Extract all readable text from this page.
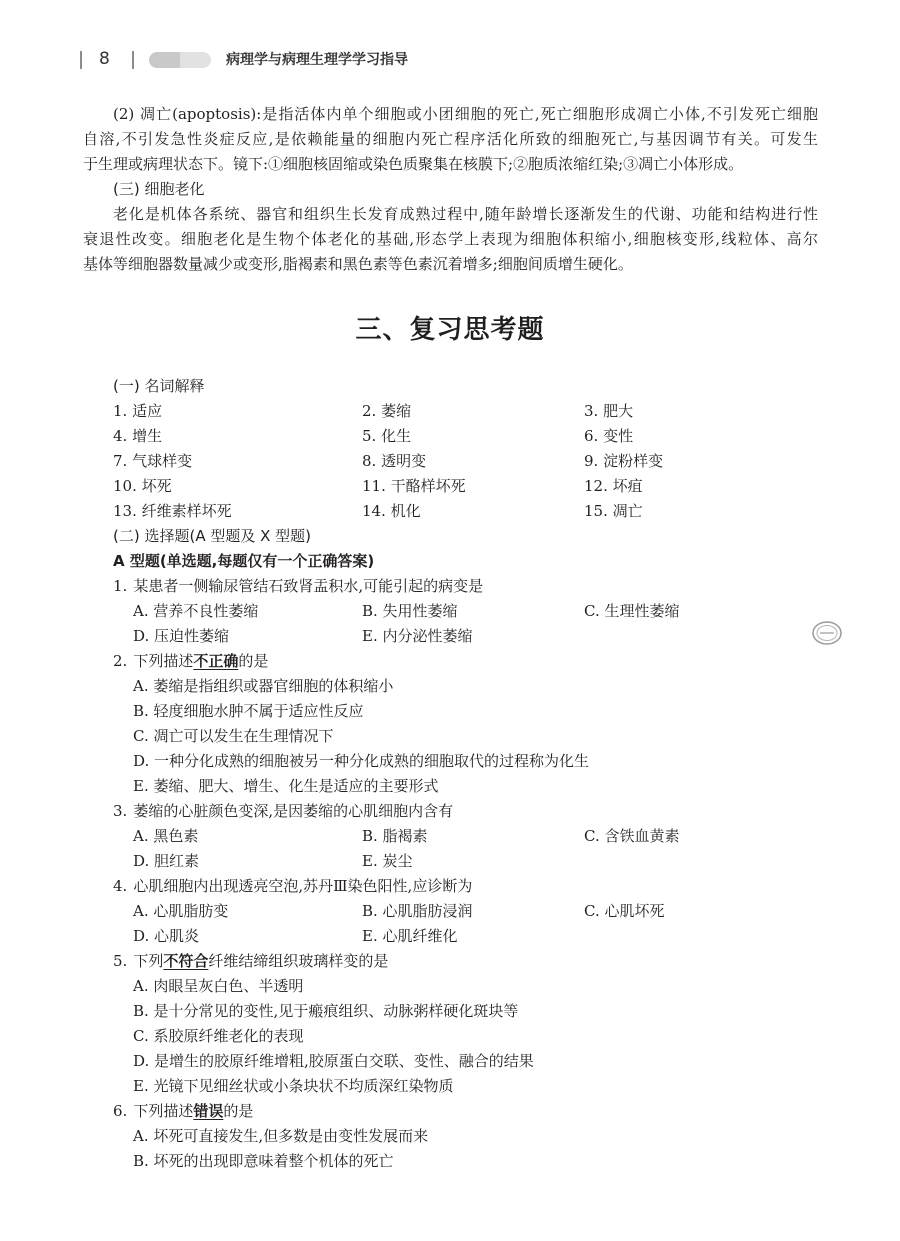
8	病理学与病理生理学学习指导
(2) 凋亡(apoptosis):是指活体内单个细胞或小团细胞的死亡,死亡细胞形成凋亡小体,不引发死亡细胞
自溶,不引发急性炎症反应,是依赖能量的细胞内死亡程序活化所致的细胞死亡,与基因调节有关。可发生
于生理或病理状态下。镜下:①细胞核固缩或染色质聚集在核膜下;②胞质浓缩红染;③凋亡小体形成。
(三) 细胞老化
老化是机体各系统、器官和组织生长发育成熟过程中,随年龄增长逐渐发生的代谢、功能和结构进行性
衰退性改变。细胞老化是生物个体老化的基础,形态学上表现为细胞体积缩小,细胞核变形,线粒体、高尔
基体等细胞器数量减少或变形,脂褐素和黑色素等色素沉着增多;细胞间质增生硬化。
三、复习思考题
(一) 名词解释
1. 适应	2. 萎缩	3. 肥大
4. 增生	5. 化生	6. 变性
7. 气球样变	8. 透明变	9. 淀粉样变
10. 坏死	11. 干酪样坏死	12. 坏疽
13. 纤维素样坏死	14. 机化	15. 凋亡
(二) 选择题(A 型题及 X 型题)
A 型题(单选题,每题仅有一个正确答案)
1. 某患者一侧输尿管结石致肾盂积水,可能引起的病变是
A. 营养不良性萎缩	B. 失用性萎缩	C. 生理性萎缩
D. 压迫性萎缩	E. 内分泌性萎缩
2. 下列描述不正确的是
A. 萎缩是指组织或器官细胞的体积缩小
B. 轻度细胞水肿不属于适应性反应
C. 凋亡可以发生在生理情况下
D. 一种分化成熟的细胞被另一种分化成熟的细胞取代的过程称为化生
E. 萎缩、肥大、增生、化生是适应的主要形式
3. 萎缩的心脏颜色变深,是因萎缩的心肌细胞内含有
A. 黑色素	B. 脂褐素	C. 含铁血黄素
D. 胆红素	E. 炭尘
4. 心肌细胞内出现透亮空泡,苏丹Ⅲ染色阳性,应诊断为
A. 心肌脂肪变	B. 心肌脂肪浸润	C. 心肌坏死
D. 心肌炎	E. 心肌纤维化
5. 下列不符合纤维结缔组织玻璃样变的是
A. 肉眼呈灰白色、半透明
B. 是十分常见的变性,见于瘢痕组织、动脉粥样硬化斑块等
C. 系胶原纤维老化的表现
D. 是增生的胶原纤维增粗,胶原蛋白交联、变性、融合的结果
E. 光镜下见细丝状或小条块状不均质深红染物质
6. 下列描述错误的是
A. 坏死可直接发生,但多数是由变性发展而来
B. 坏死的出现即意味着整个机体的死亡
